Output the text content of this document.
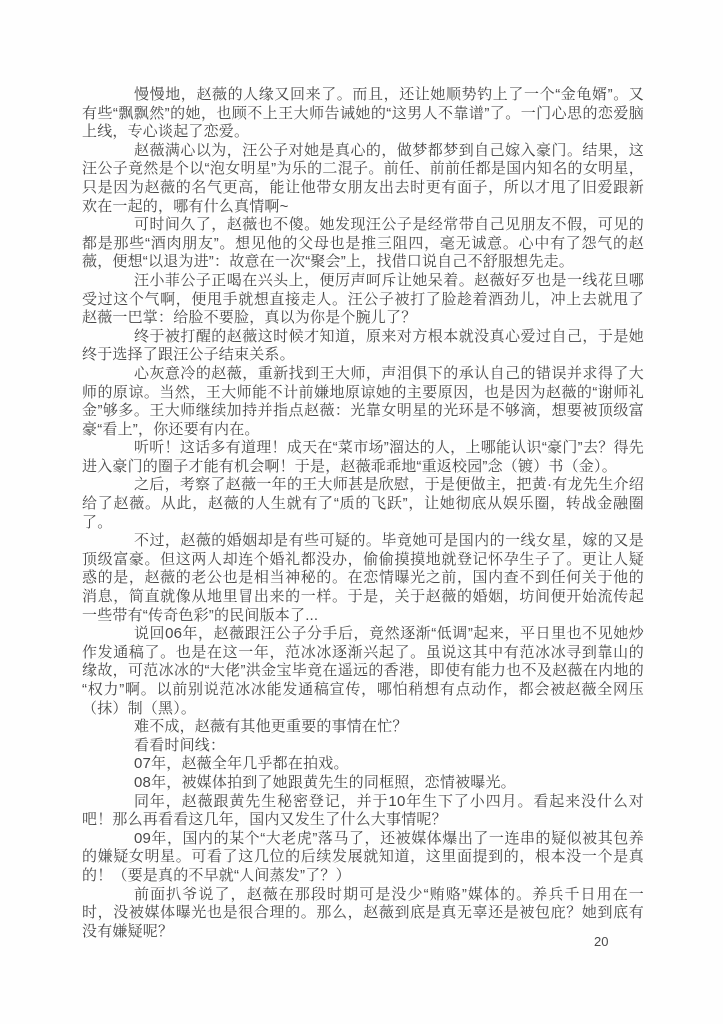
慢慢地，赵薇的人缘又回来了。而且，还让她顺势钓上了一个“金龟婿”。又有些“飘飘然”的她，也顾不上王大师告诫她的“这男人不靠谱”了。一门心思的恋爱脑上线，专心谈起了恋爱。

赵薇满心以为，汪公子对她是真心的，做梦都梦到自己嫁入豪门。结果，这汪公子竟然是个以“泡女明星”为乐的二混子。前任、前前任都是国内知名的女明星，只是因为赵薇的名气更高，能让他带女朋友出去时更有面子，所以才甩了旧爱跟新欢在一起的，哪有什么真情啊~

可时间久了，赵薇也不傻。她发现汪公子是经常带自己见朋友不假，可见的都是那些“酒肉朋友”。想见他的父母也是推三阻四，毫无诚意。心中有了怨气的赵薇，便想“以退为进”：故意在一次“聚会”上，找借口说自己不舒服想先走。

汪小菲公子正喝在兴头上，便厉声呵斥让她呆着。赵薇好歹也是一线花旦哪受过这个气啊，便甩手就想直接走人。汪公子被打了脸趁着酒劲儿，冲上去就甩了赵薇一巴掌：给脸不要脸，真以为你是个腕儿了？

终于被打醒的赵薇这时候才知道，原来对方根本就没真心爱过自己，于是她终于选择了跟汪公子结束关系。

心灰意冷的赵薇，重新找到王大师，声泪俱下的承认自己的错误并求得了大师的原谅。当然，王大师能不计前嫌地原谅她的主要原因，也是因为赵薇的“谢师礼金”够多。王大师继续加持并指点赵薇：光靠女明星的光环是不够滴，想要被顶级富豪“看上”，你还要有内在。

听听！这话多有道理！成天在“菜市场”溜达的人，上哪能认识“豪门”去？得先进入豪门的圈子才能有机会啊！于是，赵薇乖乖地“重返校园”念（镀）书（金）。

之后，考察了赵薇一年的王大师甚是欣慰，于是便做主，把黄·有龙先生介绍给了赵薇。从此，赵薇的人生就有了“质的飞跃”，让她彻底从娱乐圈，转战金融圈了。

不过，赵薇的婚姻却是有些可疑的。毕竟她可是国内的一线女星，嫁的又是顶级富豪。但这两人却连个婚礼都没办，偷偷摸摸地就登记怀孕生子了。更让人疑惑的是，赵薇的老公也是相当神秘的。在恋情曝光之前，国内查不到任何关于他的消息，简直就像从地里冒出来的一样。于是，关于赵薇的婚姻，坊间便开始流传起一些带有“传奇色彩”的民间版本了...

说回06年，赵薇跟汪公子分手后，竟然逐渐“低调”起来，平日里也不见她炒作发通稿了。也是在这一年，范冰冰逐渐兴起了。虽说这其中有范冰冰寻到靠山的缘故，可范冰冰的“大佬”洪金宝毕竟在遥远的香港，即使有能力也不及赵薇在内地的“权力”啊。以前别说范冰冰能发通稿宣传，哪怕稍想有点动作，都会被赵薇全网压（抹）制（黑）。

难不成，赵薇有其他更重要的事情在忙？

看看时间线：

07年，赵薇全年几乎都在拍戏。

08年，被媒体拍到了她跟黄先生的同框照，恋情被曝光。

同年，赵薇跟黄先生秘密登记，并于10年生下了小四月。看起来没什么对吧！那么再看看这几年，国内又发生了什么大事情呢？

09年，国内的某个“大老虎”落马了，还被媒体爆出了一连串的疑似被其包养的嫌疑女明星。可看了这几位的后续发展就知道，这里面提到的，根本没一个是真的！（要是真的不早就“人间蒸发”了？）

前面扒爷说了，赵薇在那段时期可是没少“贿赂”媒体的。养兵千日用在一时，没被媒体曝光也是很合理的。那么，赵薇到底是真无辜还是被包庇？她到底有没有嫌疑呢？

20
